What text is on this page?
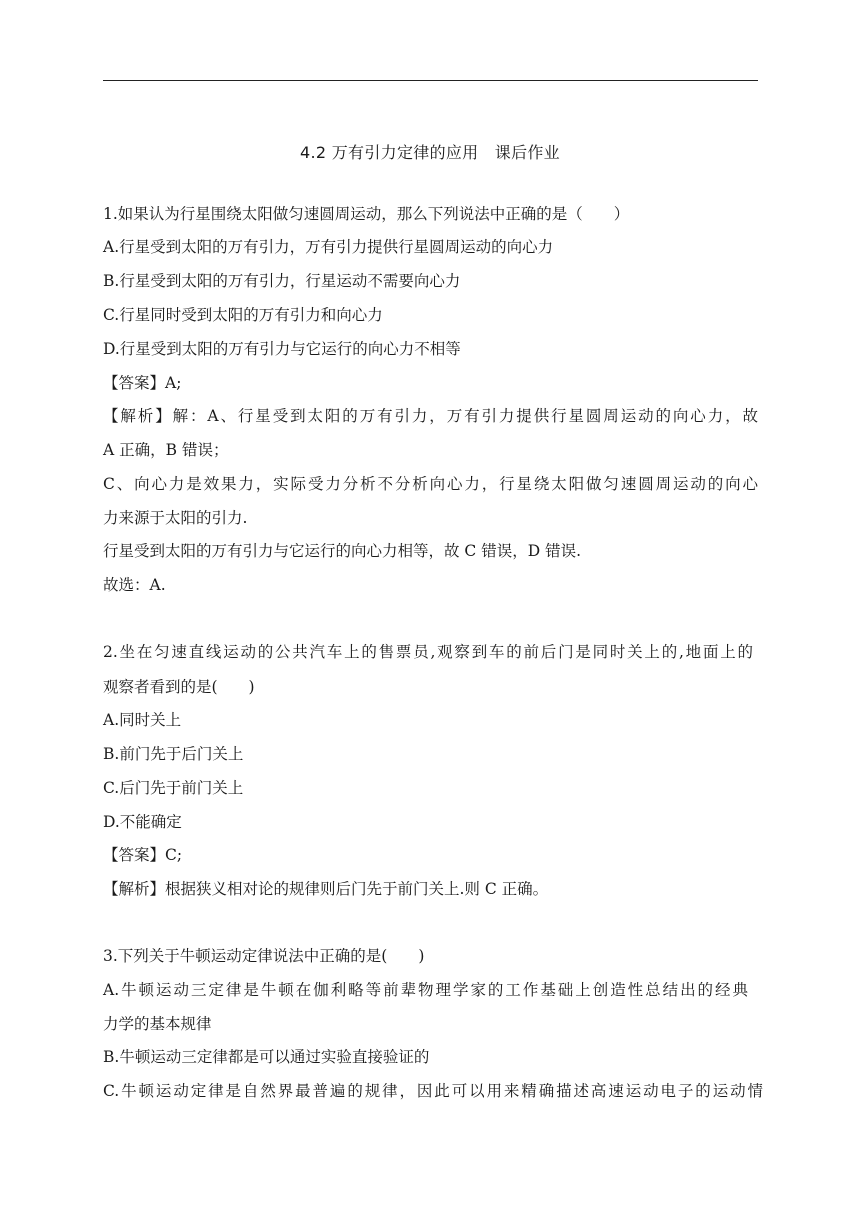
4.2 万有引力定律的应用　课后作业
1.如果认为行星围绕太阳做匀速圆周运动，那么下列说法中正确的是（　　）
A.行星受到太阳的万有引力，万有引力提供行星圆周运动的向心力
B.行星受到太阳的万有引力，行星运动不需要向心力
C.行星同时受到太阳的万有引力和向心力
D.行星受到太阳的万有引力与它运行的向心力不相等
【答案】A;
【解析】解：A、行星受到太阳的万有引力，万有引力提供行星圆周运动的向心力，故
A 正确，B 错误；
C、向心力是效果力，实际受力分析不分析向心力，行星绕太阳做匀速圆周运动的向心
力来源于太阳的引力.
行星受到太阳的万有引力与它运行的向心力相等，故 C 错误，D 错误.
故选：A.
2.坐在匀速直线运动的公共汽车上的售票员,观察到车的前后门是同时关上的,地面上的
观察者看到的是(　　)
A.同时关上
B.前门先于后门关上
C.后门先于前门关上
D.不能确定
【答案】C;
【解析】根据狭义相对论的规律则后门先于前门关上.则 C 正确。
3.下列关于牛顿运动定律说法中正确的是(　　)
A.牛顿运动三定律是牛顿在伽利略等前辈物理学家的工作基础上创造性总结出的经典
力学的基本规律
B.牛顿运动三定律都是可以通过实验直接验证的
C.牛顿运动定律是自然界最普遍的规律，因此可以用来精确描述高速运动电子的运动情
